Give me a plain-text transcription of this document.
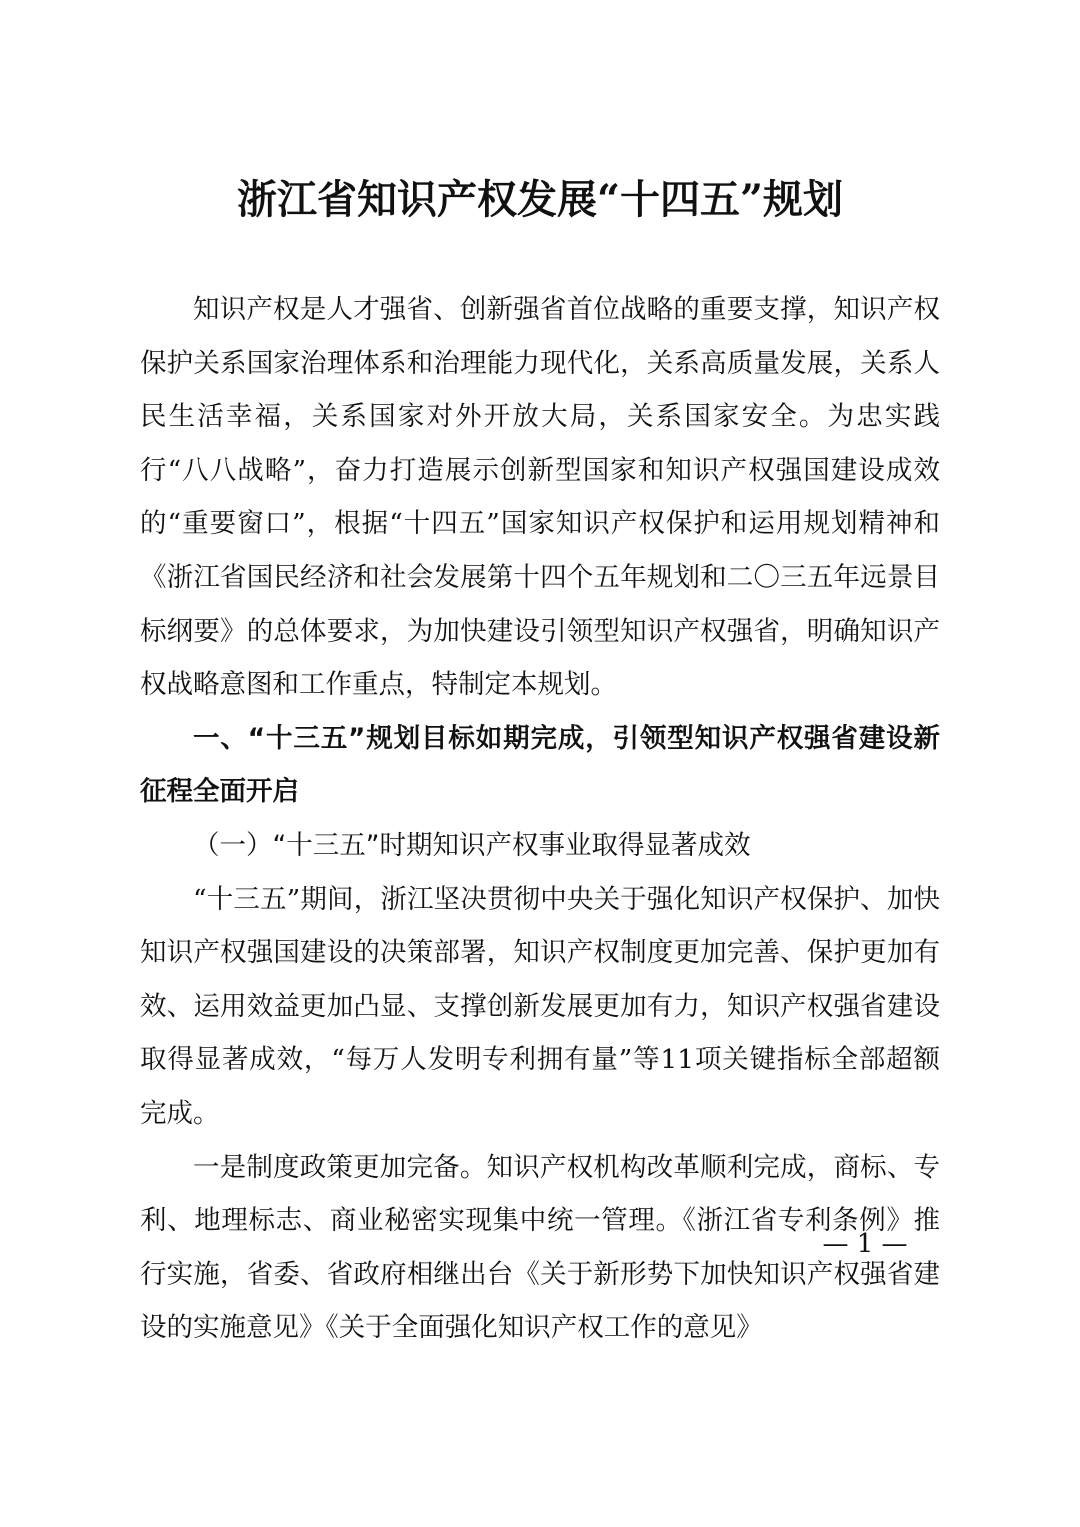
浙江省知识产权发展“十四五”规划

知识产权是人才强省、创新强省首位战略的重要支撑，知识产权保护关系国家治理体系和治理能力现代化，关系高质量发展，关系人民生活幸福，关系国家对外开放大局，关系国家安全。为忠实践行“八八战略”，奋力打造展示创新型国家和知识产权强国建设成效的“重要窗口”，根据“十四五”国家知识产权保护和运用规划精神和《浙江省国民经济和社会发展第十四个五年规划和二〇三五年远景目标纲要》的总体要求，为加快建设引领型知识产权强省，明确知识产权战略意图和工作重点，特制定本规划。

一、“十三五”规划目标如期完成，引领型知识产权强省建设新征程全面开启

（一）“十三五”时期知识产权事业取得显著成效

“十三五”期间，浙江坚决贯彻中央关于强化知识产权保护、加快知识产权强国建设的决策部署，知识产权制度更加完善、保护更加有效、运用效益更加凸显、支撑创新发展更加有力，知识产权强省建设取得显著成效，“每万人发明专利拥有量”等11项关键指标全部超额完成。

一是制度政策更加完备。知识产权机构改革顺利完成，商标、专利、地理标志、商业秘密实现集中统一管理。《浙江省专利条例》推行实施，省委、省政府相继出台《关于新形势下加快知识产权强省建设的实施意见》《关于全面强化知识产权工作的意见》

— 1 —
